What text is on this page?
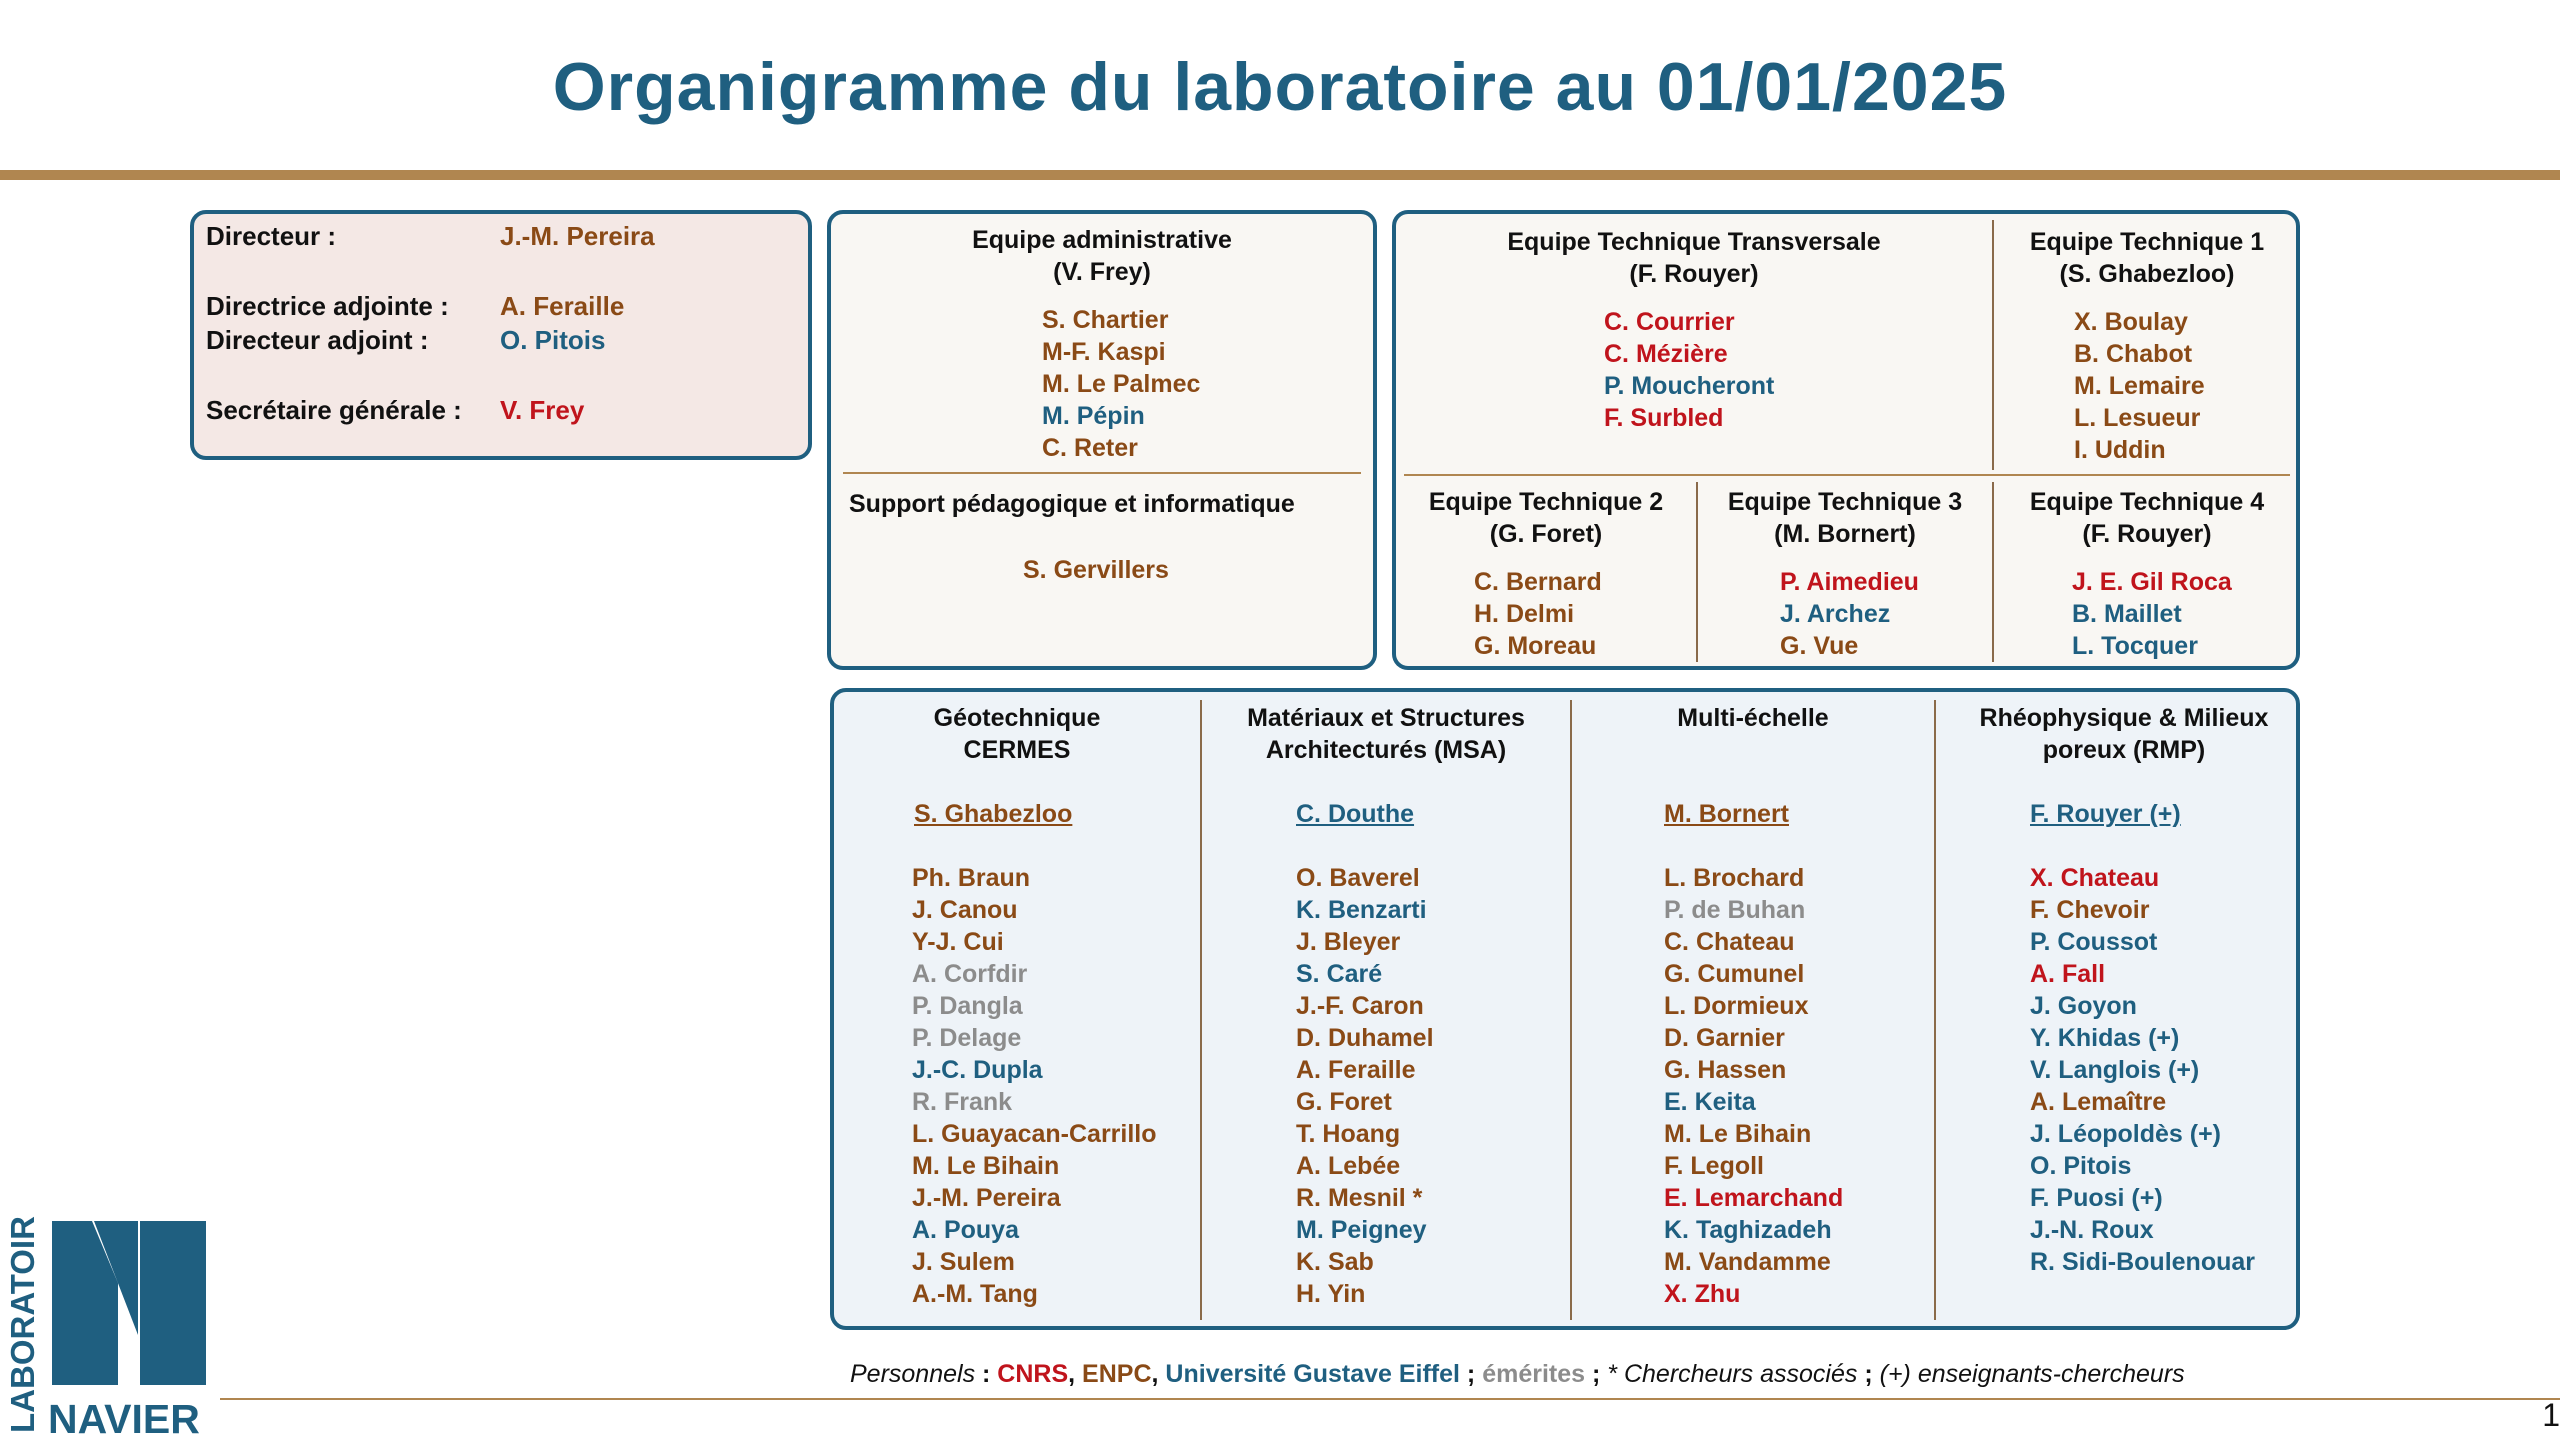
Organigramme du laboratoire au 01/01/2025
Directeur :	J.-M. Pereira
Directrice adjointe : A. Feraille
Directeur adjoint :	O. Pitois
Secrétaire générale : V. Frey
Equipe administrative
(V. Frey)
S. Chartier
M-F. Kaspi
M. Le Palmec
M. Pépin
C. Reter
Support pédagogique et informatique
S. Gervillers
Equipe Technique Transversale
(F. Rouyer)
C. Courrier
C. Mézière
P. Moucheront
F. Surbled
Equipe Technique 1
(S. Ghabezloo)
X. Boulay
B. Chabot
M. Lemaire
L. Lesueur
I. Uddin
Equipe Technique 2
(G. Foret)
C. Bernard
H. Delmi
G. Moreau
Equipe Technique 3
(M. Bornert)
P. Aimedieu
J. Archez
G. Vue
Equipe Technique 4
(F. Rouyer)
J. E. Gil Roca
B. Maillet
L. Tocquer
Géotechnique
CERMES
S. Ghabezloo
Ph. Braun
J. Canou
Y-J. Cui
A. Corfdir
P. Dangla
P. Delage
J.-C. Dupla
R. Frank
L. Guayacan-Carrillo
M. Le Bihain
J.-M. Pereira
A. Pouya
J. Sulem
A.-M. Tang
Matériaux et Structures
Architecturés (MSA)
C. Douthe
O. Baverel
K. Benzarti
J. Bleyer
S. Caré
J.-F. Caron
D. Duhamel
A. Feraille
G. Foret
T. Hoang
A. Lebée
R. Mesnil *
M. Peigney
K. Sab
H. Yin
Multi-échelle
M. Bornert
L. Brochard
P. de Buhan
C. Chateau
G. Cumunel
L. Dormieux
D. Garnier
G. Hassen
E. Keita
M. Le Bihain
F. Legoll
E. Lemarchand
K. Taghizadeh
M. Vandamme
X. Zhu
Rhéophysique & Milieux
poreux (RMP)
F. Rouyer (+)
X. Chateau
F. Chevoir
P. Coussot
A. Fall
J. Goyon
Y. Khidas (+)
V. Langlois (+)
A. Lemaître
J. Léopoldès (+)
O. Pitois
F. Puosi (+)
J.-N. Roux
R. Sidi-Boulenouar
Personnels : CNRS, ENPC, Université Gustave Eiffel ; émérites ; * Chercheurs associés ; (+) enseignants-chercheurs
1
LABORATOIRE NAVIER
